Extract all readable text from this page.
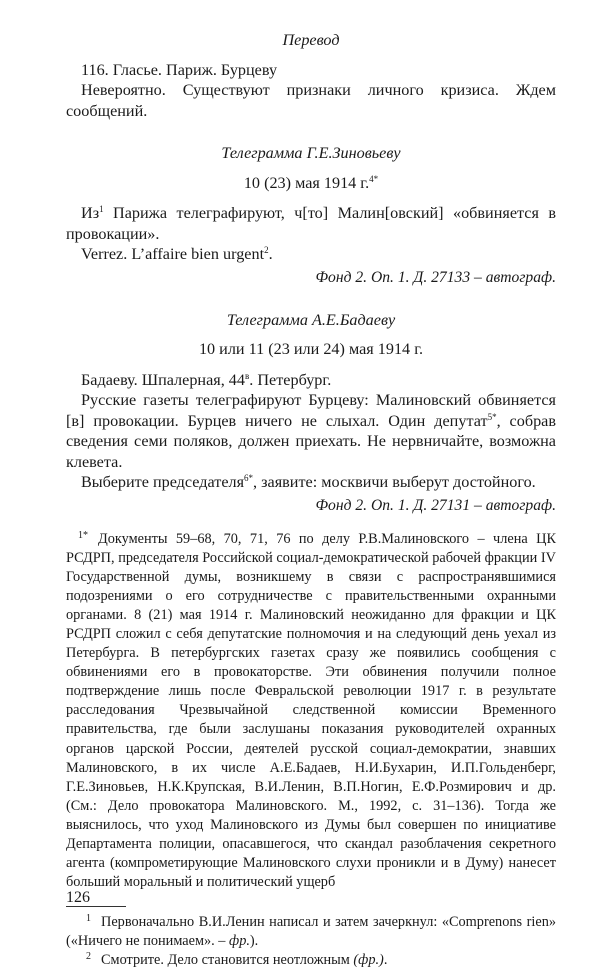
Перевод

116. Гласье. Париж. Бурцеву

Невероятно. Существуют признаки личного кризиса. Ждем сообщений.

Телеграмма Г.Е.Зиновьеву

10 (23) мая 1914 г.$^{4*}$

$Из^1$ Парижа телеграфируют, ч[то] Малин[овский] «обвиняется в провокации».

Verrez. L’affaire bien urgent$^2$.

Фонд 2. Оп. 1. Д. 27133 – автограф.

Телеграмма А.Е.Бадаеву

10 или 11 (23 или 24) мая 1914 г.

Бадаеву. Шпалерная, $44^в$. Петербург.

Русские газеты телеграфируют Бурцеву: Малиновский обвиняется [в] провокации. Бурцев ничего не слыхал. Один депутат$^{5*}$, собрав сведения семи поляков, должен приехать. Не нервничайте, возможна клевета.

Выберите председателя$^{6*}$, заявите: москвичи выберут достойного.

Фонд 2. Оп. 1. Д. 27131 – автограф.

$^{1*}$ Документы 59–68, 70, 71, 76 по делу Р.В.Малиновского – члена ЦК РСДРП, председателя Российской социал-демократической рабочей фракции IV Государственной думы, возникшему в связи с распространявшимися подозрениями о его сотрудничестве с правительственными охранными органами. 8 (21) мая 1914 г. Малиновский неожиданно для фракции и ЦК РСДРП сложил с себя депутатские полномочия и на следующий день уехал из Петербурга. В петербургских газетах сразу же появились сообщения с обвинениями его в провокаторстве. Эти обвинения получили полное подтверждение лишь после Февральской революции 1917 г. в результате расследования Чрезвычайной следственной комиссии Временного правительства, где были заслушаны показания руководителей охранных органов царской России, деятелей русской социал-демократии, знавших Малиновского, в их числе А.Е.Бадаев, Н.И.Бухарин, И.П.Гольденберг, Г.Е.Зиновьев, Н.К.Крупская, В.И.Ленин, В.П.Ногин, Е.Ф.Розмирович и др. (См.: Дело провокатора Малиновского. М., 1992, с. 31–136). Тогда же выяснилось, что уход Малиновского из Думы был совершен по инициативе Департамента полиции, опасавшегося, что скандал разоблачения секретного агента (компрометирующие Малиновского слухи проникли и в Думу) нанесет больший моральный и политический ущерб

$^1$ Первоначально В.И.Ленин написал и затем зачеркнул: «Comprenons rien» («Ничего не понимаем». – фр.).

$^2$ Смотрите. Дело становится неотложным (фр.).

126
